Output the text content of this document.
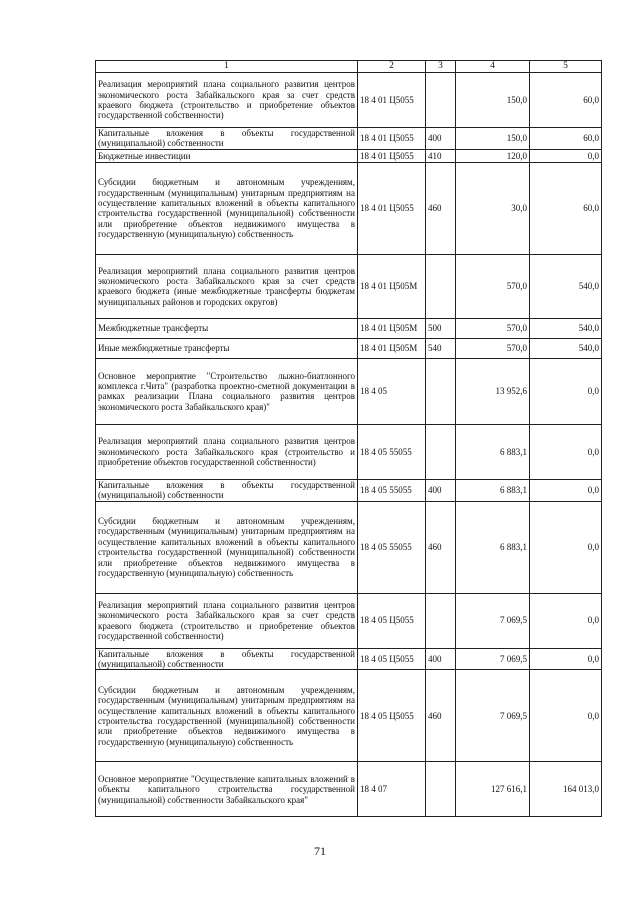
1	2	3	4	5
Реализация мероприятий плана социального развития центров экономического роста Забайкальского края за счет средств краевого бюджета (строительство и приобретение объектов государственной собственности)	18 4 01 Ц5055		150,0	60,0
Капитальные вложения в объекты государственной (муниципальной) собственности	18 4 01 Ц5055	400	150,0	60,0
Бюджетные инвестиции	18 4 01 Ц5055	410	120,0	0,0
Субсидии бюджетным и автономным учреждениям, государственным (муниципальным) унитарным предприятиям на осуществление капитальных вложений в объекты капитального строительства государственной (муниципальной) собственности или приобретение объектов недвижимого имущества в государственную (муниципальную) собственность	18 4 01 Ц5055	460	30,0	60,0
Реализация мероприятий плана социального развития центров экономического роста Забайкальского края за счет средств краевого бюджета (иные межбюджетные трансферты бюджетам муниципальных районов и городских округов)	18 4 01 Ц505М		570,0	540,0
Межбюджетные трансферты	18 4 01 Ц505М	500	570,0	540,0
Иные межбюджетные трансферты	18 4 01 Ц505М	540	570,0	540,0
Основное мероприятие "Строительство лыжно-биатлонного комплекса г.Чита" (разработка проектно-сметной документации в рамках реализации Плана социального развития центров экономического роста Забайкальского края)"	18 4 05		13 952,6	0,0
Реализация мероприятий плана социального развития центров экономического роста Забайкальского края (строительство и приобретение объектов государственной собственности)	18 4 05 55055		6 883,1	0,0
Капитальные вложения в объекты государственной (муниципальной) собственности	18 4 05 55055	400	6 883,1	0,0
Субсидии бюджетным и автономным учреждениям, государственным (муниципальным) унитарным предприятиям на осуществление капитальных вложений в объекты капитального строительства государственной (муниципальной) собственности или приобретение объектов недвижимого имущества в государственную (муниципальную) собственность	18 4 05 55055	460	6 883,1	0,0
Реализация мероприятий плана социального развития центров экономического роста Забайкальского края за счет средств краевого бюджета (строительство и приобретение объектов государственной собственности)	18 4 05 Ц5055		7 069,5	0,0
Капитальные вложения в объекты государственной (муниципальной) собственности	18 4 05 Ц5055	400	7 069,5	0,0
Субсидии бюджетным и автономным учреждениям, государственным (муниципальным) унитарным предприятиям на осуществление капитальных вложений в объекты капитального строительства государственной (муниципальной) собственности или приобретение объектов недвижимого имущества в государственную (муниципальную) собственность	18 4 05 Ц5055	460	7 069,5	0,0
Основное мероприятие "Осуществление капитальных вложений в объекты капитального строительства государственной (муниципальной) собственности Забайкальского края"	18 4 07		127 616,1	164 013,0
71
